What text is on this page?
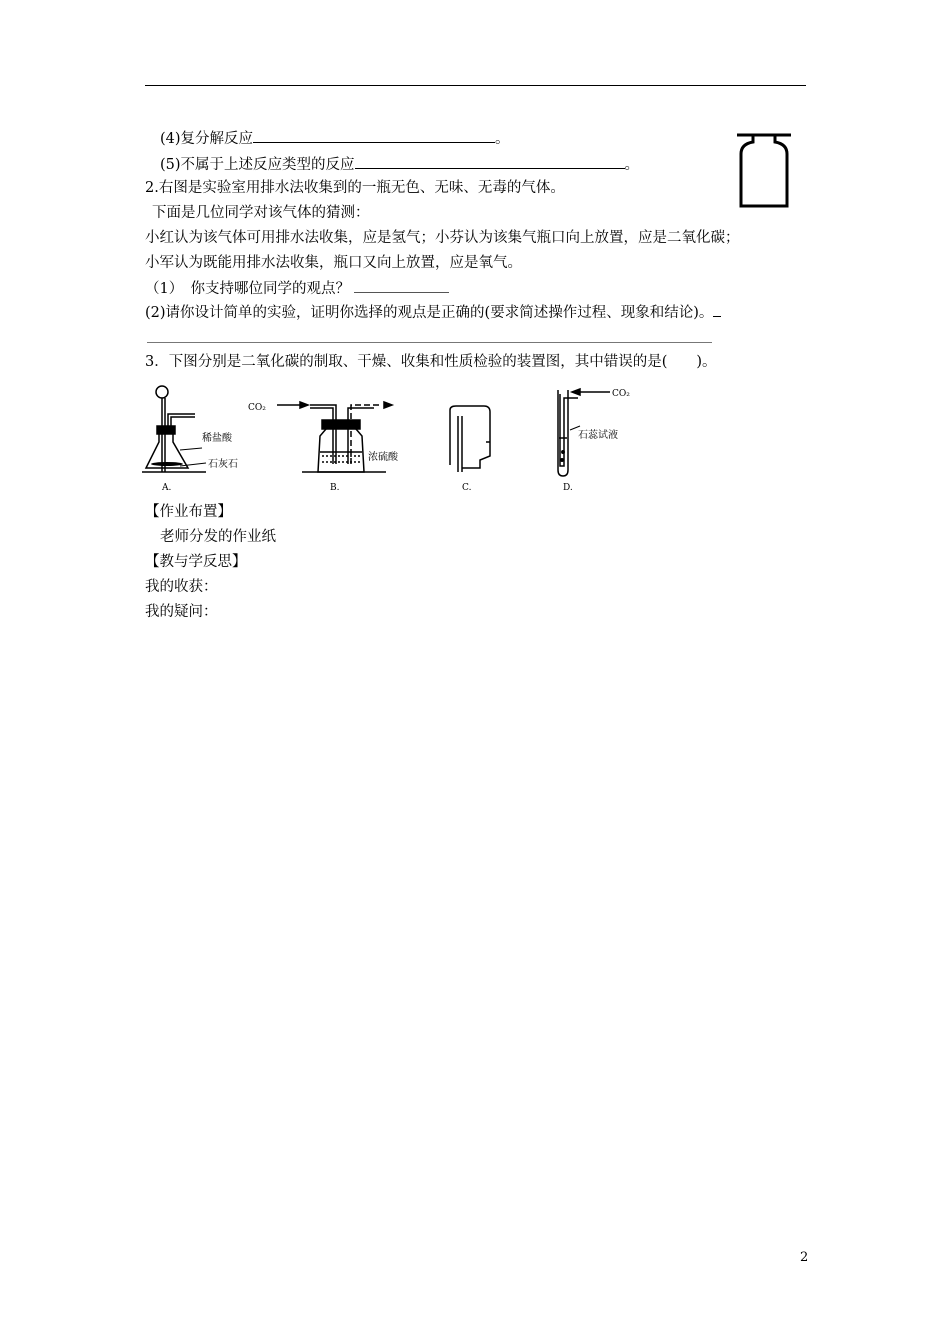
(4)复分解反应	。
(5)不属于上述反应类型的反应	。
2.右图是实验室用排水法收集到的一瓶无色、无味、无毒的气体。
下面是几位同学对该气体的猜测：
小红认为该气体可用排水法收集，应是氢气；小芬认为该集气瓶口向上放置，应是二氧化碳；
小军认为既能用排水法收集，瓶口又向上放置，应是氧气。
（1）　你支持哪位同学的观点？
(2)请你设计简单的实验，证明你选择的观点是正确的(要求简述操作过程、现象和结论)。
3．下图分别是二氧化碳的制取、干燥、收集和性质检验的装置图，其中错误的是(　　)。
稀盐酸
石灰石
A.
CO₂
浓硫酸
B.	C.
CO₂
石蕊试液
D.
【作业布置】
老师分发的作业纸
【教与学反思】
我的收获：
我的疑问：
2
